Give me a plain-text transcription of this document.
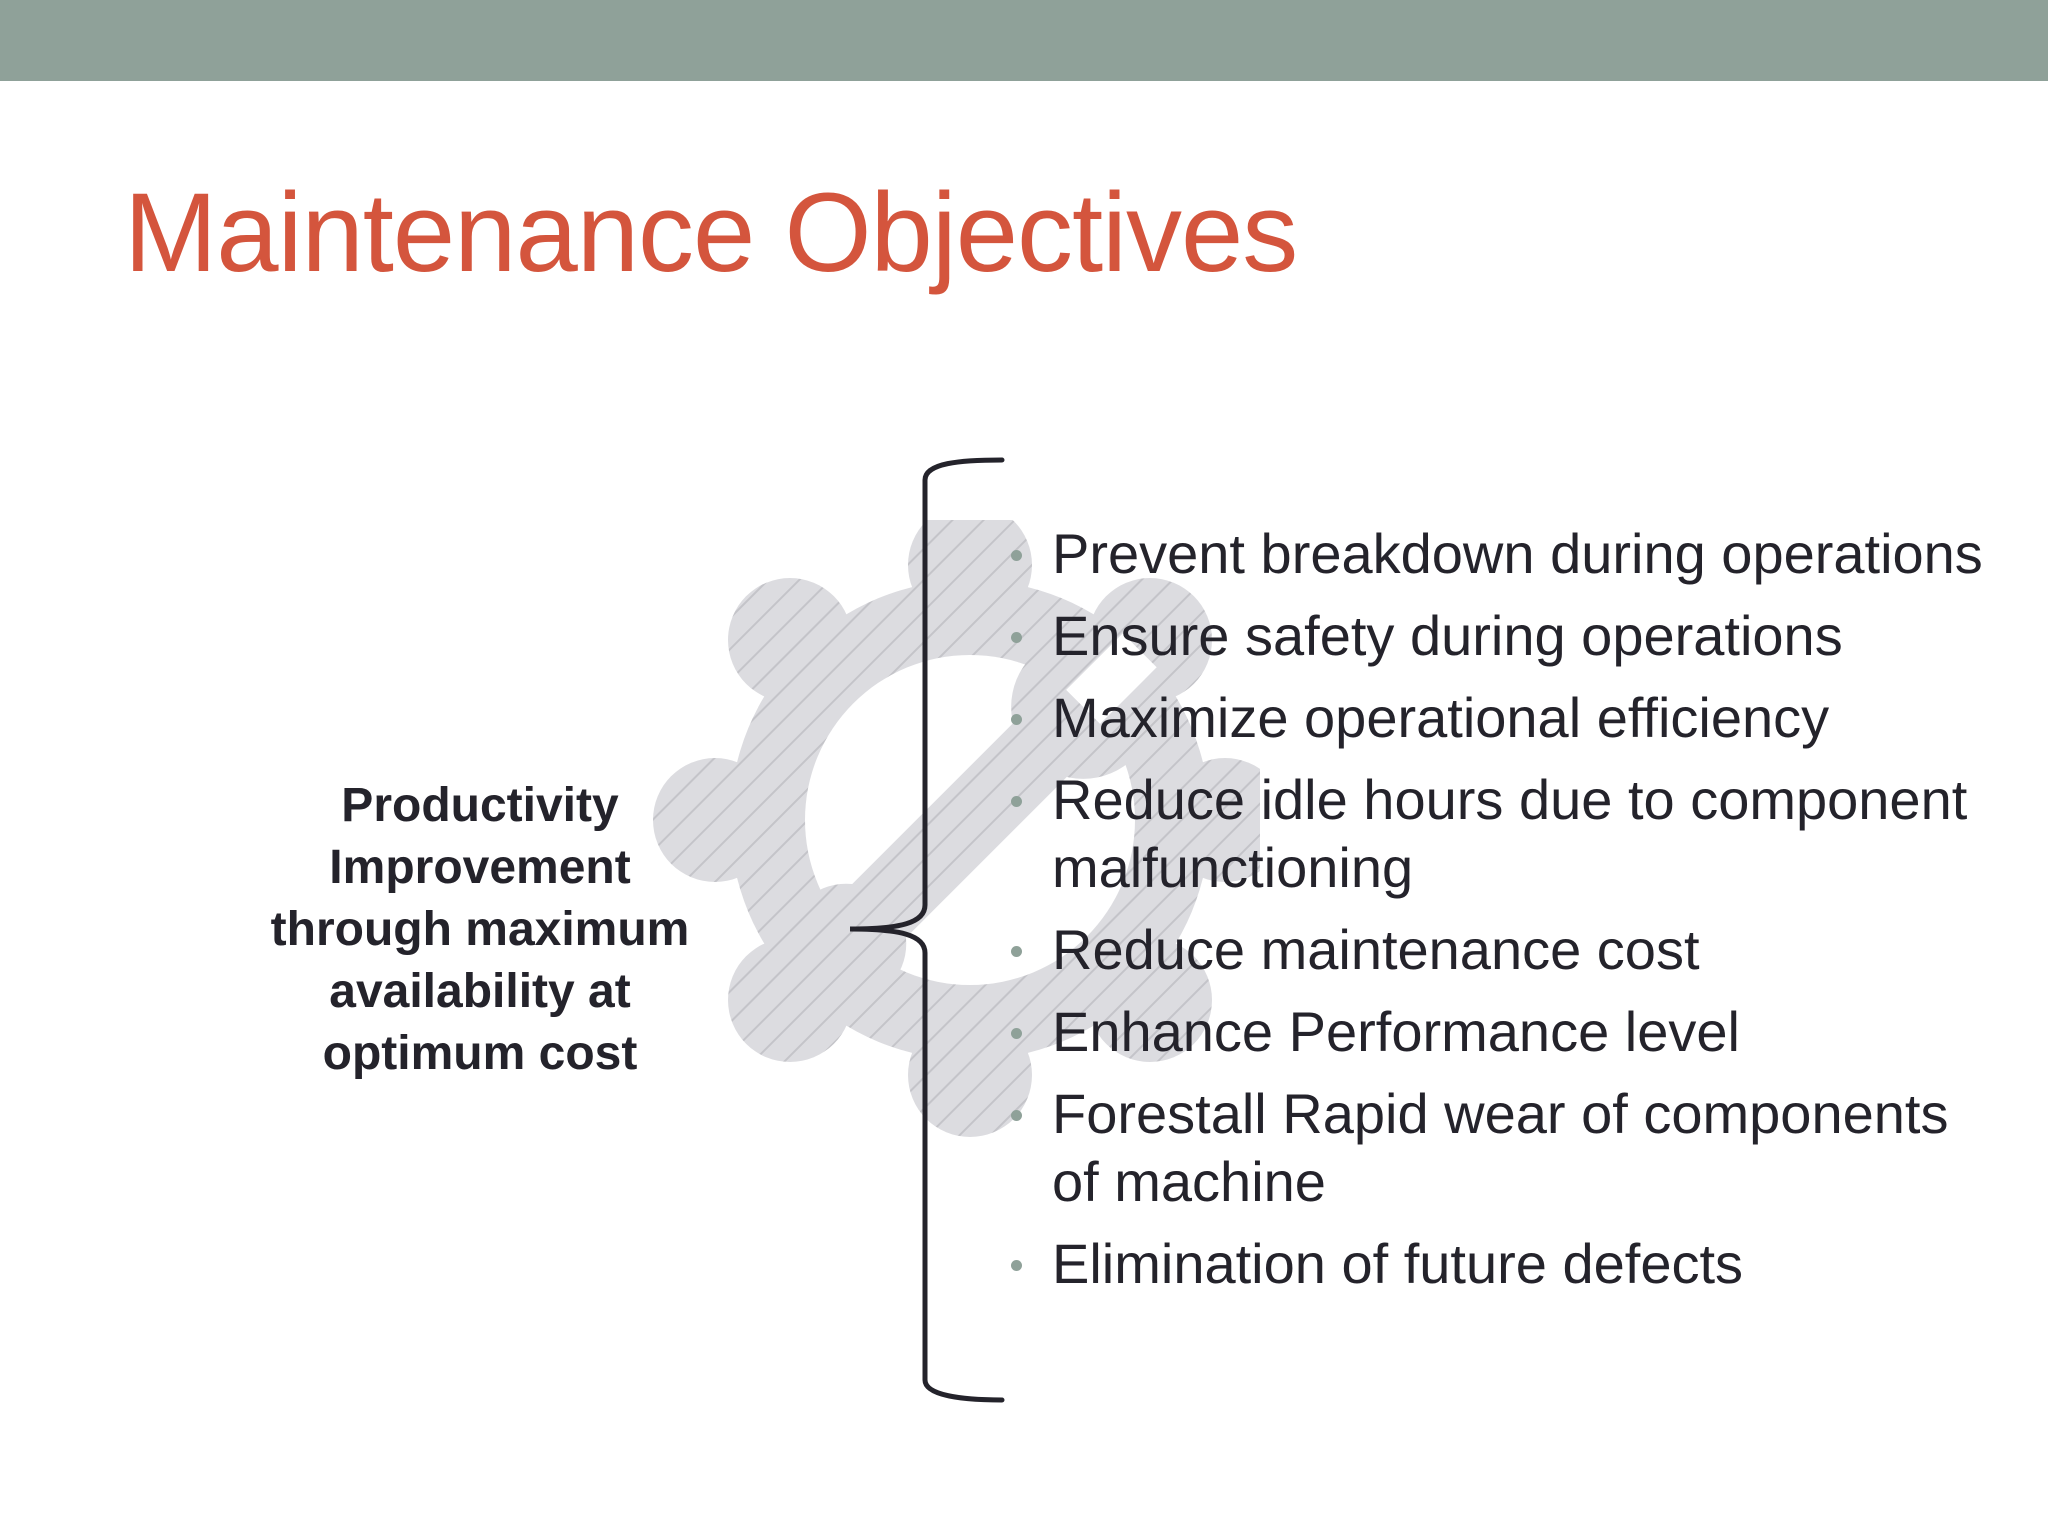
Maintenance Objectives
Productivity
Improvement
through maximum
availability at
optimum cost
Prevent breakdown during operations
Ensure safety during operations
Maximize operational efficiency
Reduce idle hours due to component malfunctioning
Reduce maintenance cost
Enhance Performance level
Forestall Rapid wear of components of machine
Elimination of future defects
